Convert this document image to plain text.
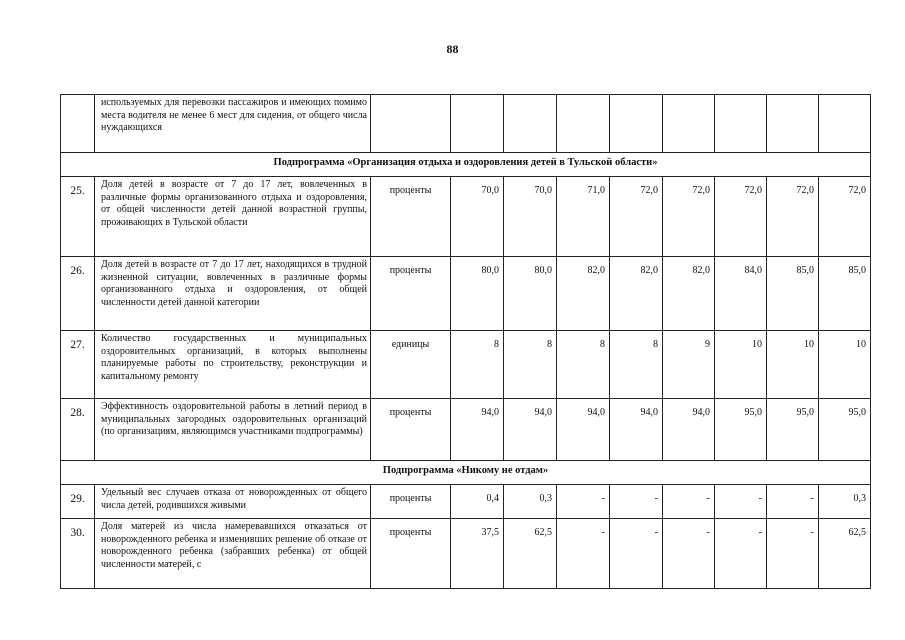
88
	используемых для перевозки пассажиров и имеющих помимо места водителя не менее 6 мест для сидения, от общего числа нуждающихся									
Подпрограмма «Организация отдыха и оздоровления детей в Тульской области»										
25.	Доля детей в возрасте от 7 до 17 лет, вовлеченных в различные формы организованного отдыха и оздоровления, от общей численности детей данной возрастной группы, проживающих в Тульской области	проценты	70,0	70,0	71,0	72,0	72,0	72,0	72,0	72,0
26.	Доля детей в возрасте от 7 до 17 лет, находящихся в трудной жизненной ситуации, вовлеченных в различные формы организованного отдыха и оздоровления, от общей численности детей данной категории	проценты	80,0	80,0	82,0	82,0	82,0	84,0	85,0	85,0
27.	Количество государственных и муниципальных оздоровительных организаций, в которых выполнены планируемые работы по строительству, реконструкции и капитальному ремонту	единицы	8	8	8	8	9	10	10	10
28.	Эффективность оздоровительной работы в летний период в муниципальных загородных оздоровительных организаций (по организациям, являющимся участниками подпрограммы)	проценты	94,0	94,0	94,0	94,0	94,0	95,0	95,0	95,0
Подпрограмма «Никому не отдам»										
29.	Удельный вес случаев отказа от новорожденных от общего числа детей, родившихся живыми	проценты	0,4	0,3	-	-	-	-	-	0,3
30.	Доля матерей из числа намеревавшихся отказаться от новорожденного ребенка и изменивших решение об отказе от новорожденного ребенка (забравших ребенка) от общей численности матерей, с	проценты	37,5	62,5	-	-	-	-	-	62,5
